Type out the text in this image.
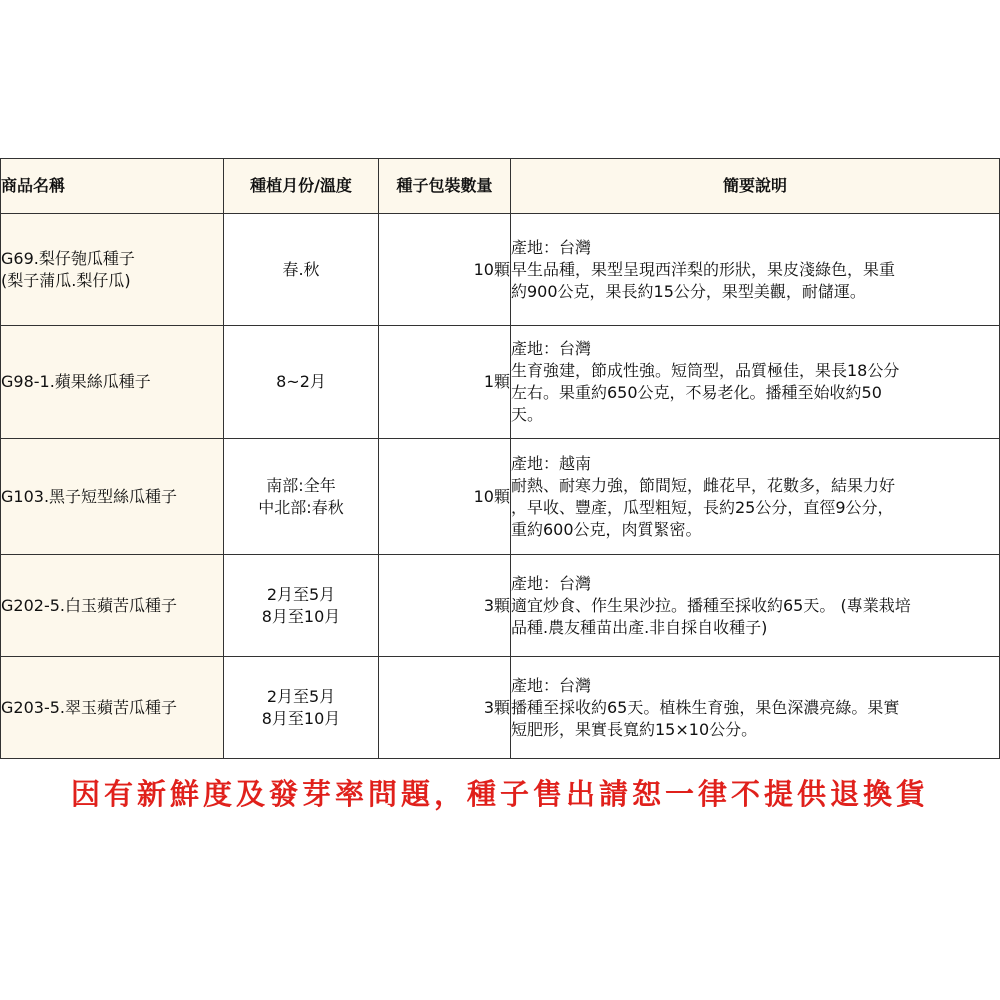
商品名稱	種植月份/溫度	種子包裝數量	簡要說明

G69.梨仔匏瓜種子
(梨子蒲瓜.梨仔瓜)	春.秋	10顆	產地：台灣
早生品種，果型呈現西洋梨的形狀，果皮淺綠色，果重
約900公克，果長約15公分，果型美觀，耐儲運。

G98-1.蘋果絲瓜種子	8~2月	1顆	產地：台灣
生育強建，節成性強。短筒型，品質極佳，果長18公分
左右。果重約650公克，不易老化。播種至始收約50
天。

G103.黑子短型絲瓜種子	南部:全年
中北部:春秋	10顆	產地：越南
耐熱、耐寒力強，節間短，雌花早，花數多，結果力好
，早收、豐產，瓜型粗短，長約25公分，直徑9公分，
重約600公克，肉質緊密。

G202-5.白玉蘋苦瓜種子	2月至5月
8月至10月	3顆	產地：台灣
適宜炒食、作生果沙拉。播種至採收約65天。 (專業栽培
品種.農友種苗出產.非自採自收種子)

G203-5.翠玉蘋苦瓜種子	2月至5月
8月至10月	3顆	產地：台灣
播種至採收約65天。植株生育強，果色深濃亮綠。果實
短肥形，果實長寬約15×10公分。
因有新鮮度及發芽率問題，種子售出請恕一律不提供退換貨
